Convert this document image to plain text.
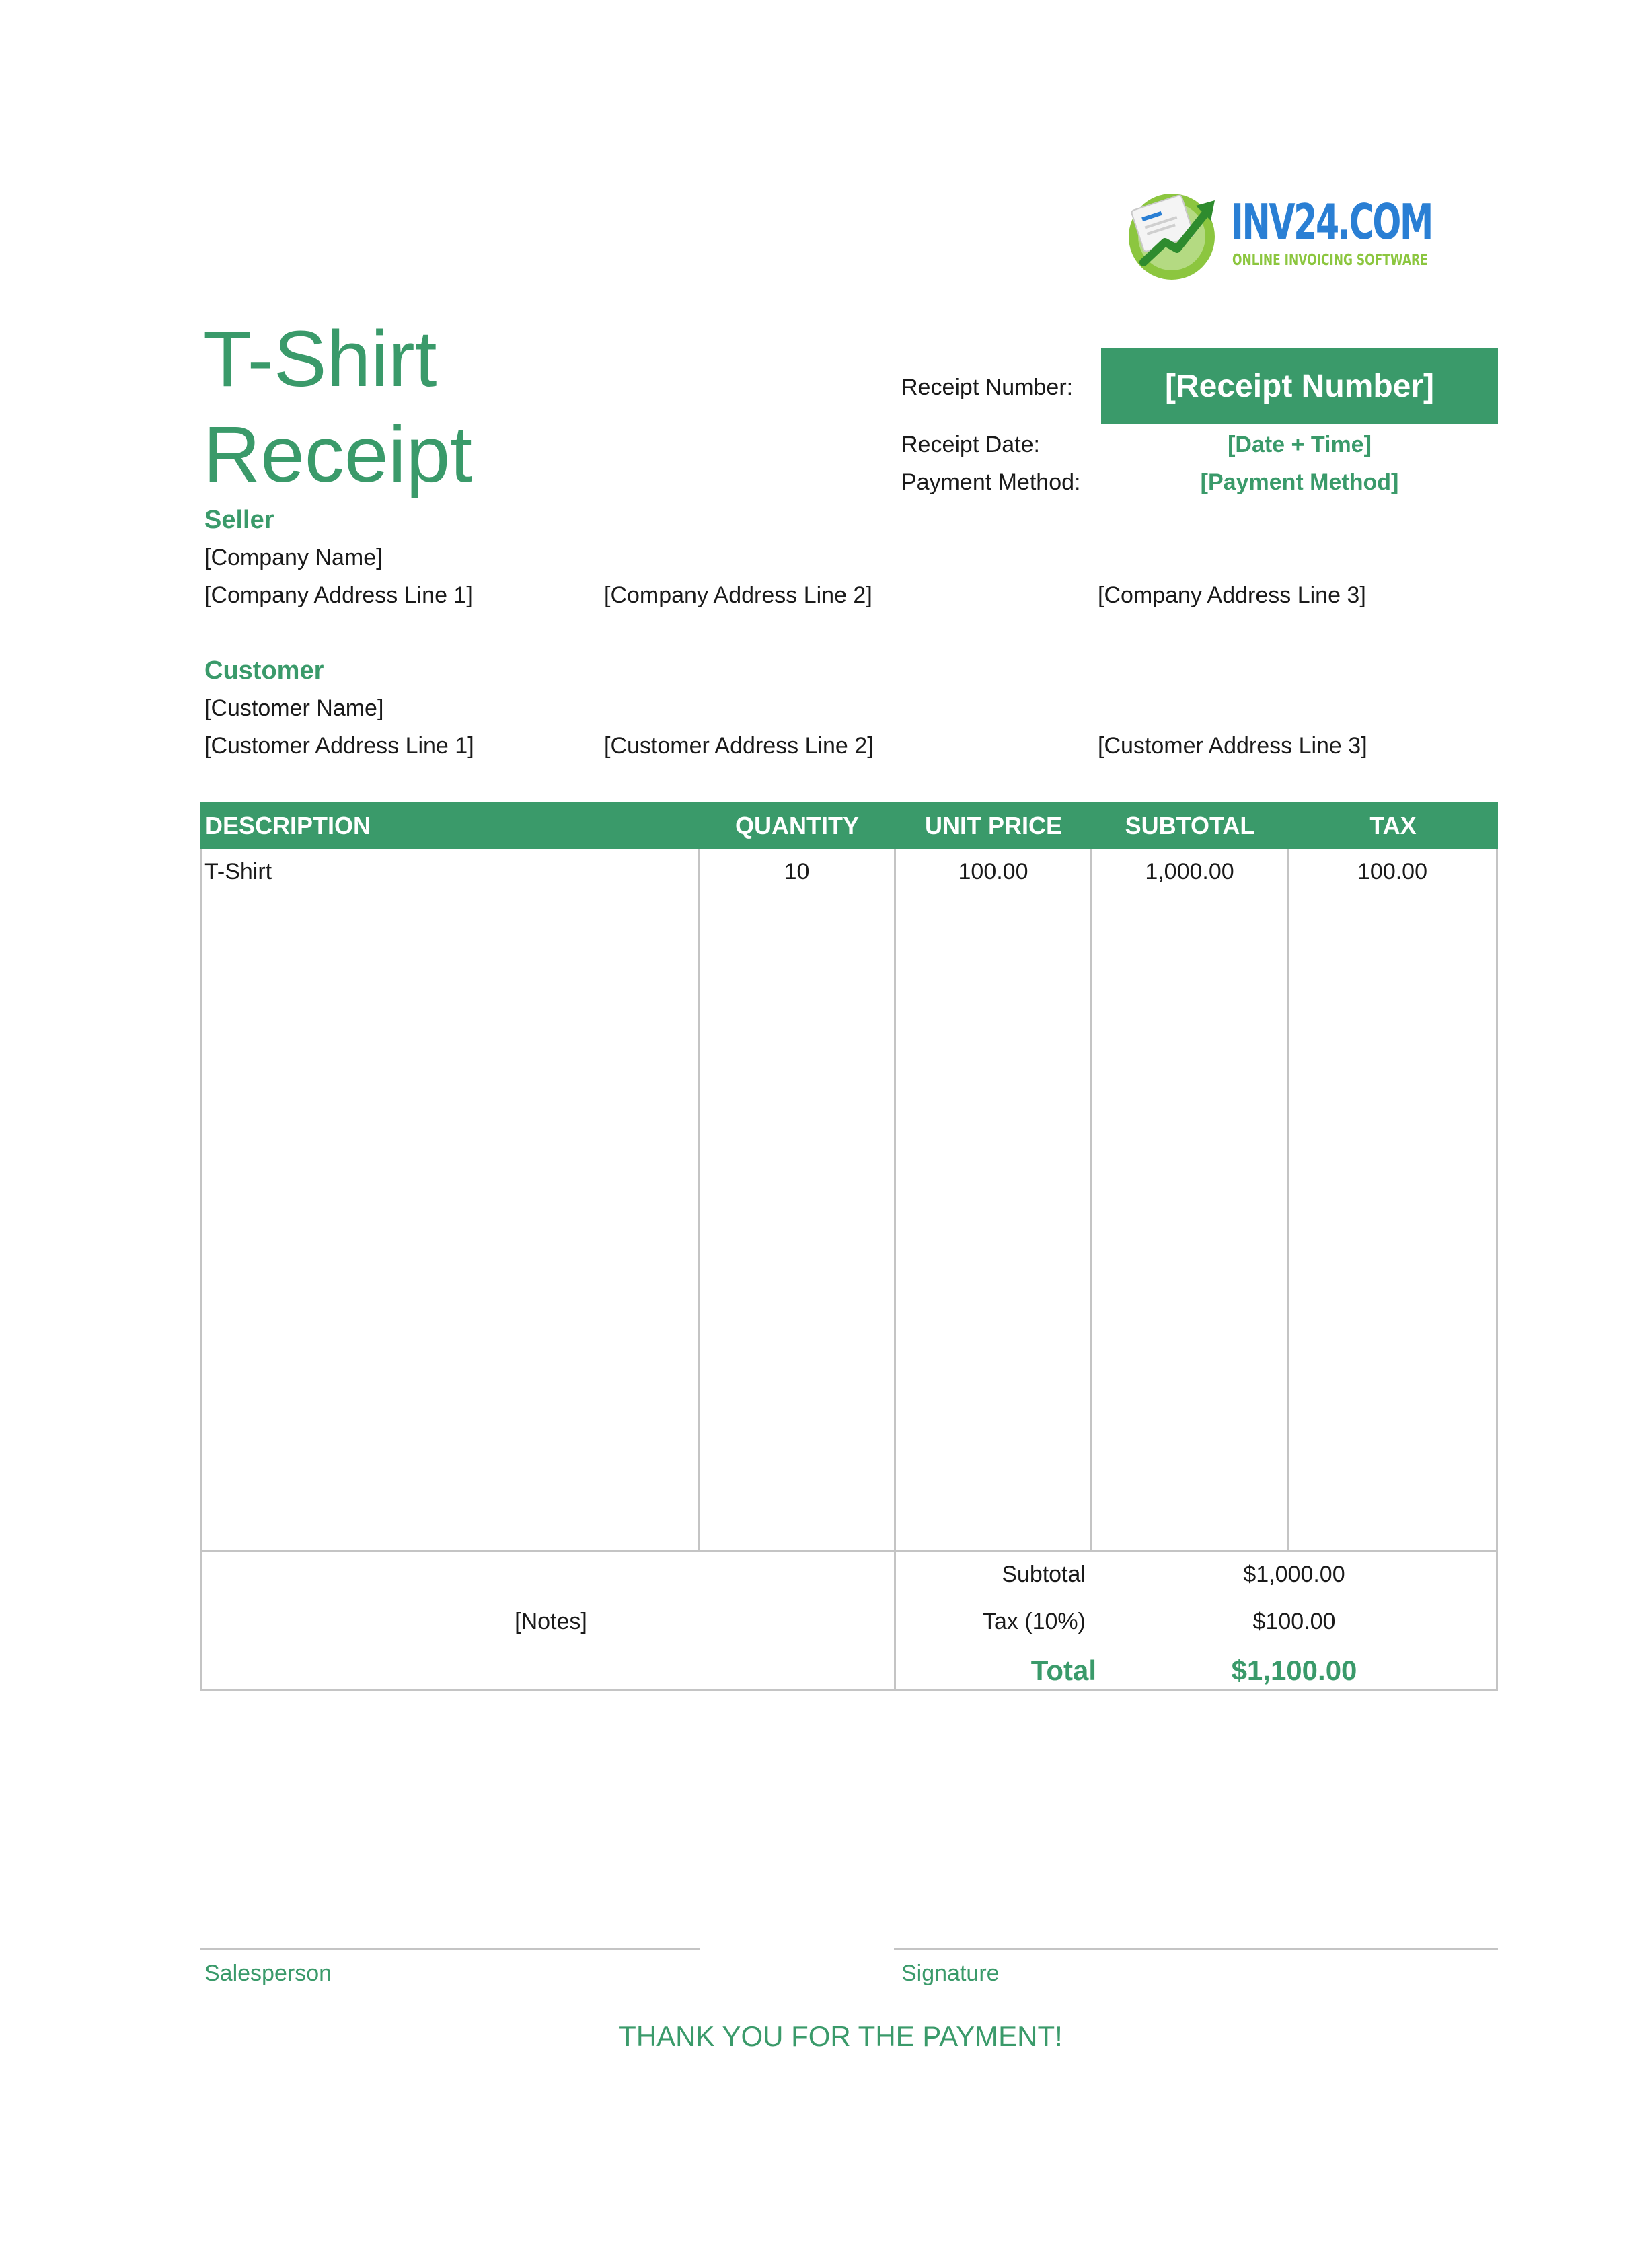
INV24.COM
ONLINE INVOICING SOFTWARE
T-Shirt
Receipt
Receipt Number:	[Receipt Number]
Receipt Date:	[Date + Time]
Payment Method:	[Payment Method]
Seller
[Company Name]
[Company Address Line 1]	[Company Address Line 2]	[Company Address Line 3]
Customer
[Customer Name]
[Customer Address Line 1]	[Customer Address Line 2]	[Customer Address Line 3]
DESCRIPTION	QUANTITY	UNIT PRICE	SUBTOTAL	TAX
T-Shirt	10	100.00	1,000.00	100.00
[Notes]
Subtotal	$1,000.00
Tax (10%)	$100.00
Total	$1,100.00
Salesperson	Signature
THANK YOU FOR THE PAYMENT!
